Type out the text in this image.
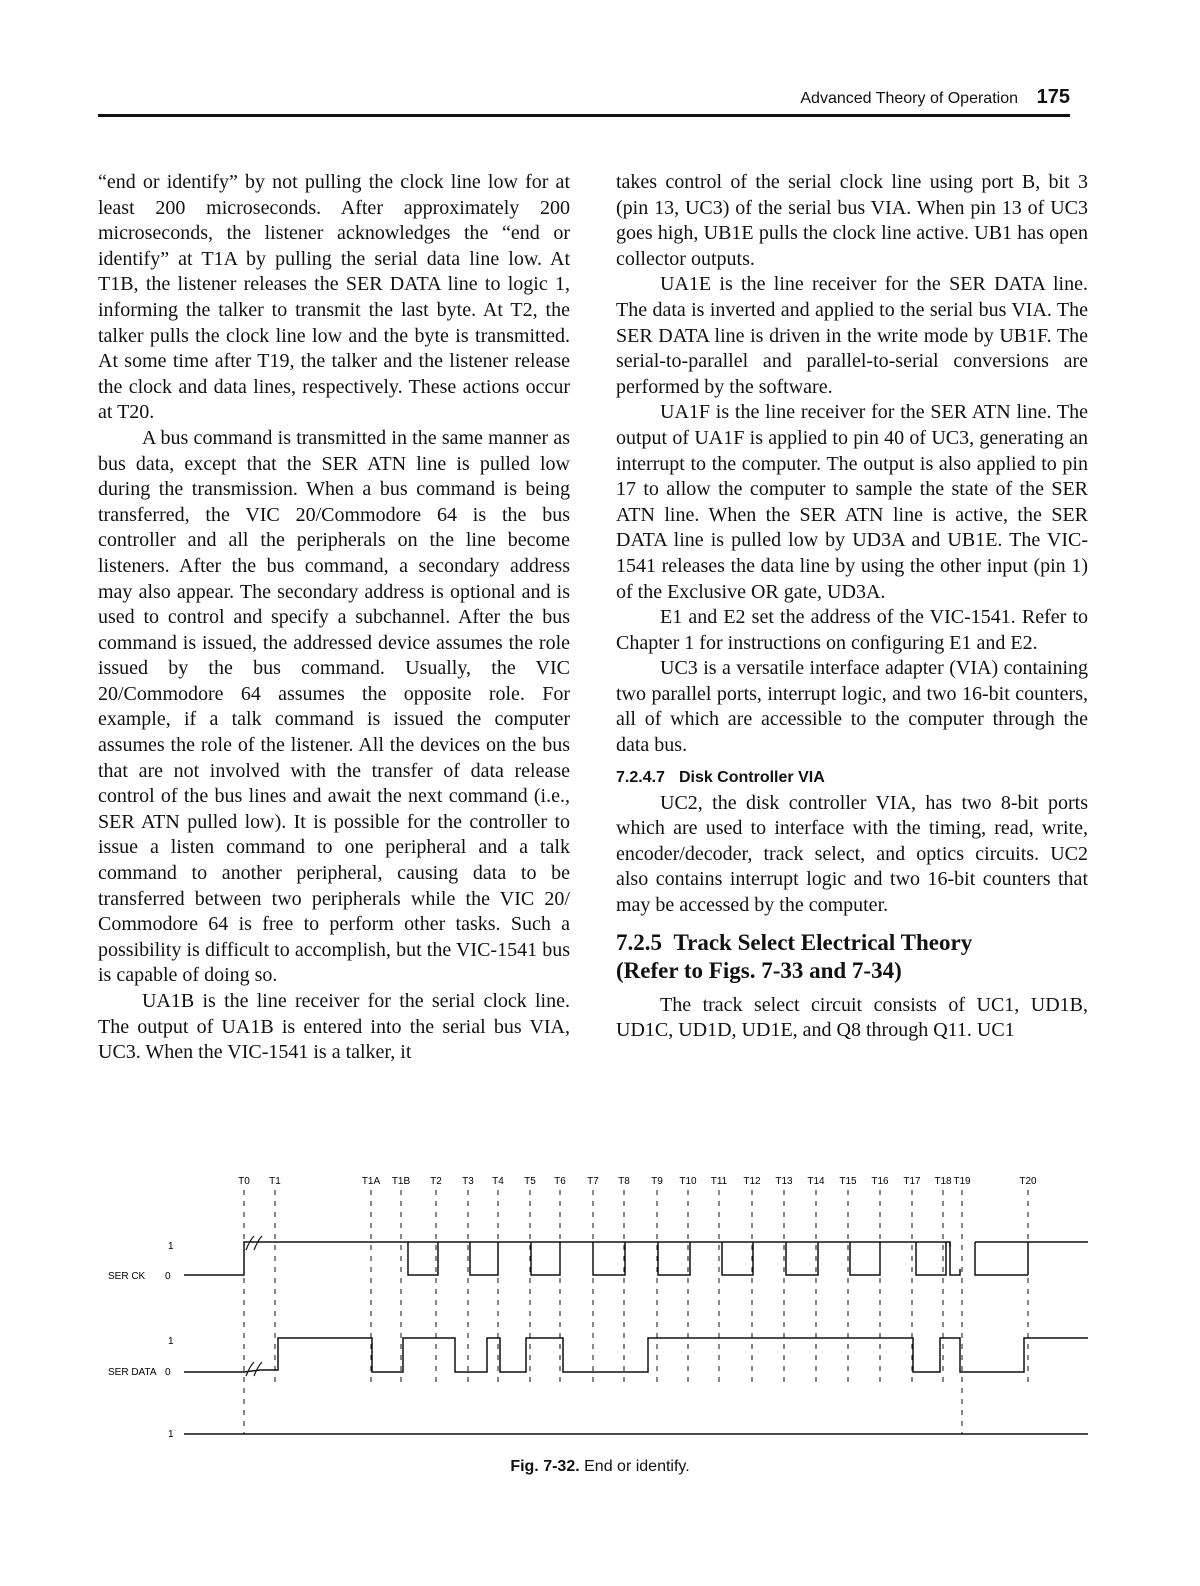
Advanced Theory of Operation 175

“end or identify” by not pulling the clock line low for at least 200 microseconds. After approximately 200 microseconds, the listener acknowledges the “end or identify” at T1A by pulling the serial data line low. At T1B, the listener releases the SER DATA line to logic 1, informing the talker to transmit the last byte. At T2, the talker pulls the clock line low and the byte is transmitted. At some time after T19, the talker and the listener release the clock and data lines, respectively. These actions occur at T20.

A bus command is transmitted in the same manner as bus data, except that the SER ATN line is pulled low during the transmission. When a bus command is being transferred, the VIC 20/Commodore 64 is the bus controller and all the peripherals on the line become listeners. After the bus command, a secondary address may also appear. The secondary address is optional and is used to control and specify a subchannel. After the bus command is issued, the addressed device assumes the role issued by the bus command. Usually, the VIC 20/Commodore 64 assumes the opposite role. For example, if a talk command is issued the computer assumes the role of the listener. All the devices on the bus that are not involved with the transfer of data release control of the bus lines and await the next command (i.e., SER ATN pulled low). It is possible for the controller to issue a listen command to one peripheral and a talk command to another peripheral, causing data to be transferred between two peripherals while the VIC 20/ Commodore 64 is free to perform other tasks. Such a possibility is difficult to accomplish, but the VIC-1541 bus is capable of doing so.

UA1B is the line receiver for the serial clock line. The output of UA1B is entered into the serial bus VIA, UC3. When the VIC-1541 is a talker, it

takes control of the serial clock line using port B, bit 3 (pin 13, UC3) of the serial bus VIA. When pin 13 of UC3 goes high, UB1E pulls the clock line active. UB1 has open collector outputs.

UA1E is the line receiver for the SER DATA line. The data is inverted and applied to the serial bus VIA. The SER DATA line is driven in the write mode by UB1F. The serial-to-parallel and parallel-to-serial conversions are performed by the software.

UA1F is the line receiver for the SER ATN line. The output of UA1F is applied to pin 40 of UC3, generating an interrupt to the computer. The output is also applied to pin 17 to allow the computer to sample the state of the SER ATN line. When the SER ATN line is active, the SER DATA line is pulled low by UD3A and UB1E. The VIC-1541 releases the data line by using the other input (pin 1) of the Exclusive OR gate, UD3A.

E1 and E2 set the address of the VIC-1541. Refer to Chapter 1 for instructions on configuring E1 and E2.

UC3 is a versatile interface adapter (VIA) containing two parallel ports, interrupt logic, and two 16-bit counters, all of which are accessible to the computer through the data bus.

7.2.4.7 Disk Controller VIA

UC2, the disk controller VIA, has two 8-bit ports which are used to interface with the timing, read, write, encoder/decoder, track select, and optics circuits. UC2 also contains interrupt logic and two 16-bit counters that may be accessed by the computer.

7.2.5 Track Select Electrical Theory
(Refer to Figs. 7-33 and 7-34)

The track select circuit consists of UC1, UD1B, UD1C, UD1D, UD1E, and Q8 through Q11. UC1

T0 T1	T1A T1B T2 T3 T4 T5 T6 T7 T8 T9 T10 T11 T12 T13 T14 T15 T16 T17 T18 T19	T20
SER CK
1
0
SER DATA
1
0
1
Fig. 7-32. End or identify.
